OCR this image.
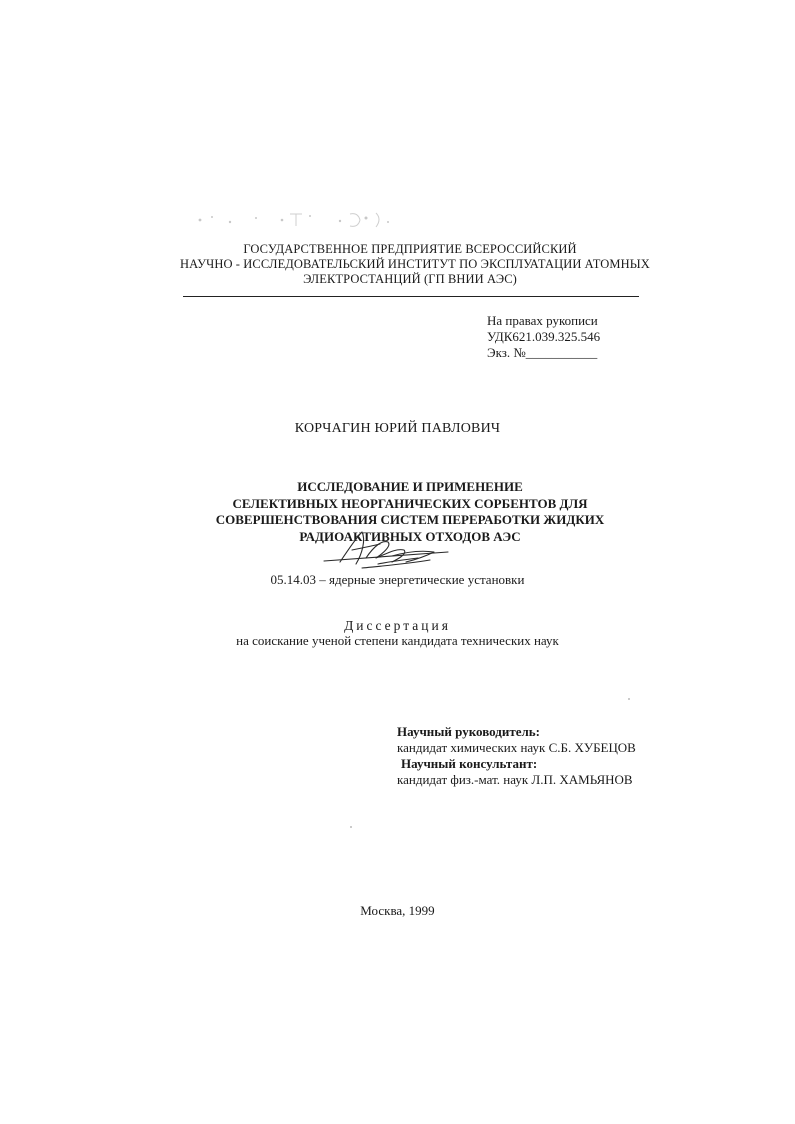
ГОСУДАРСТВЕННОЕ ПРЕДПРИЯТИЕ ВСЕРОССИЙСКИЙ
НАУЧНО - ИССЛЕДОВАТЕЛЬСКИЙ ИНСТИТУТ ПО ЭКСПЛУАТАЦИИ АТОМНЫХ
ЭЛЕКТРОСТАНЦИЙ (ГП ВНИИ АЭС)
На правах рукописи
УДК621.039.325.546
Экз. №___________
КОРЧАГИН ЮРИЙ ПАВЛОВИЧ
ИССЛЕДОВАНИЕ И ПРИМЕНЕНИЕ
СЕЛЕКТИВНЫХ НЕОРГАНИЧЕСКИХ СОРБЕНТОВ ДЛЯ
СОВЕРШЕНСТВОВАНИЯ СИСТЕМ ПЕРЕРАБОТКИ ЖИДКИХ
РАДИОАКТИВНЫХ ОТХОДОВ АЭС
05.14.03 – ядерные энергетические установки
Диссертация
на соискание ученой степени кандидата технических наук
Научный руководитель:
кандидат химических наук С.Б. ХУБЕЦОВ
Научный консультант:
кандидат физ.-мат. наук Л.П. ХАМЬЯНОВ
Москва, 1999
